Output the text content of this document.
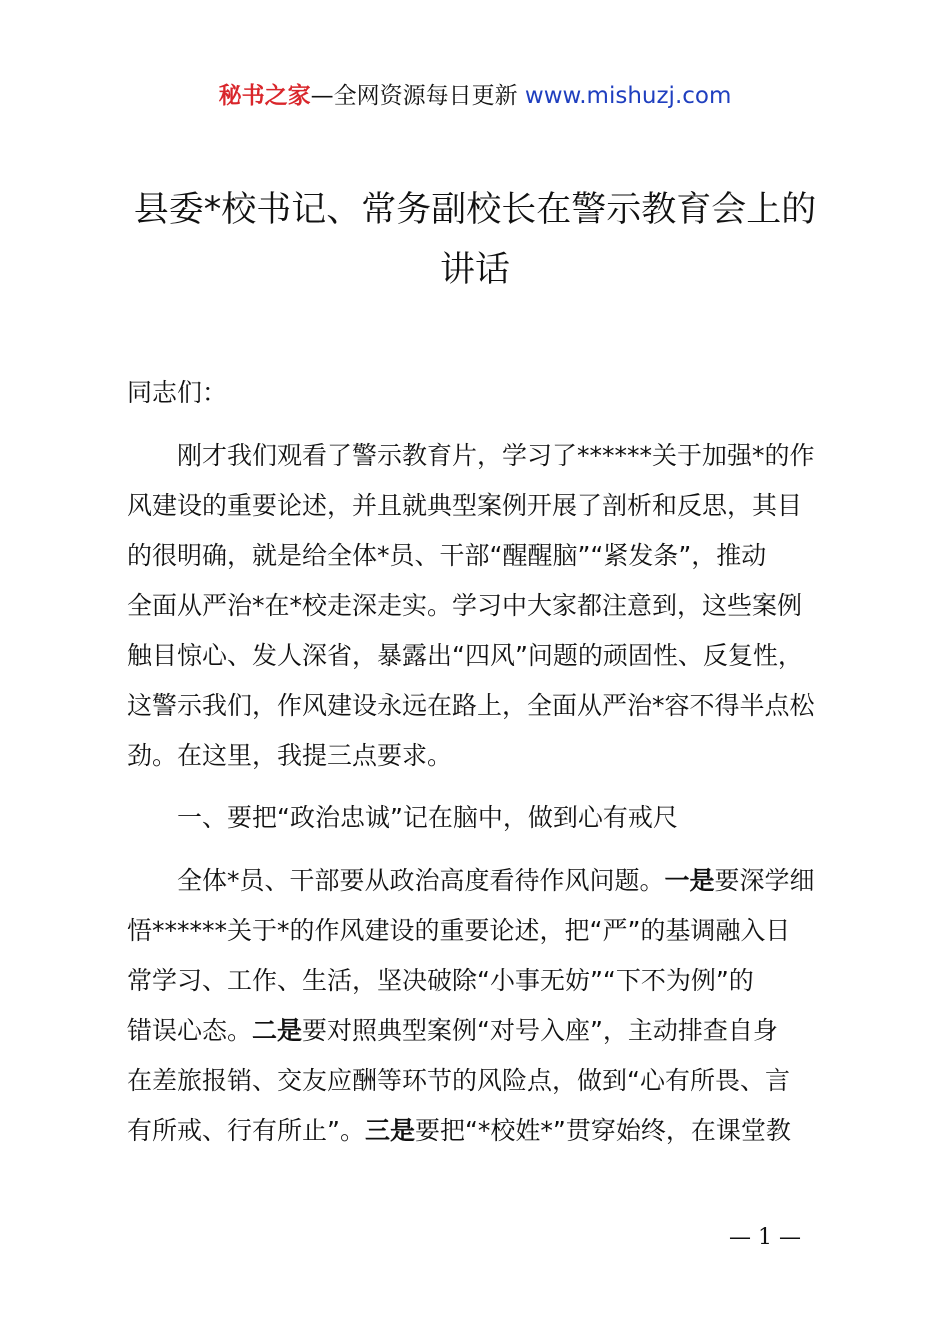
秘书之家—全网资源每日更新 www.mishuzj.com
县委*校书记、常务副校长在警示教育会上的
讲话
同志们：
刚才我们观看了警示教育片，学习了******关于加强*的作
风建设的重要论述，并且就典型案例开展了剖析和反思，其目
的很明确，就是给全体*员、干部“醒醒脑”“紧发条”，推动
全面从严治*在*校走深走实。学习中大家都注意到，这些案例
触目惊心、发人深省，暴露出“四风”问题的顽固性、反复性，
这警示我们，作风建设永远在路上，全面从严治*容不得半点松
劲。在这里，我提三点要求。
一、要把“政治忠诚”记在脑中，做到心有戒尺
全体*员、干部要从政治高度看待作风问题。一是要深学细
悟******关于*的作风建设的重要论述，把“严”的基调融入日
常学习、工作、生活，坚决破除“小事无妨”“下不为例”的
错误心态。二是要对照典型案例“对号入座”，主动排查自身
在差旅报销、交友应酬等环节的风险点，做到“心有所畏、言
有所戒、行有所止”。三是要把“*校姓*”贯穿始终，在课堂教
— 1 —
